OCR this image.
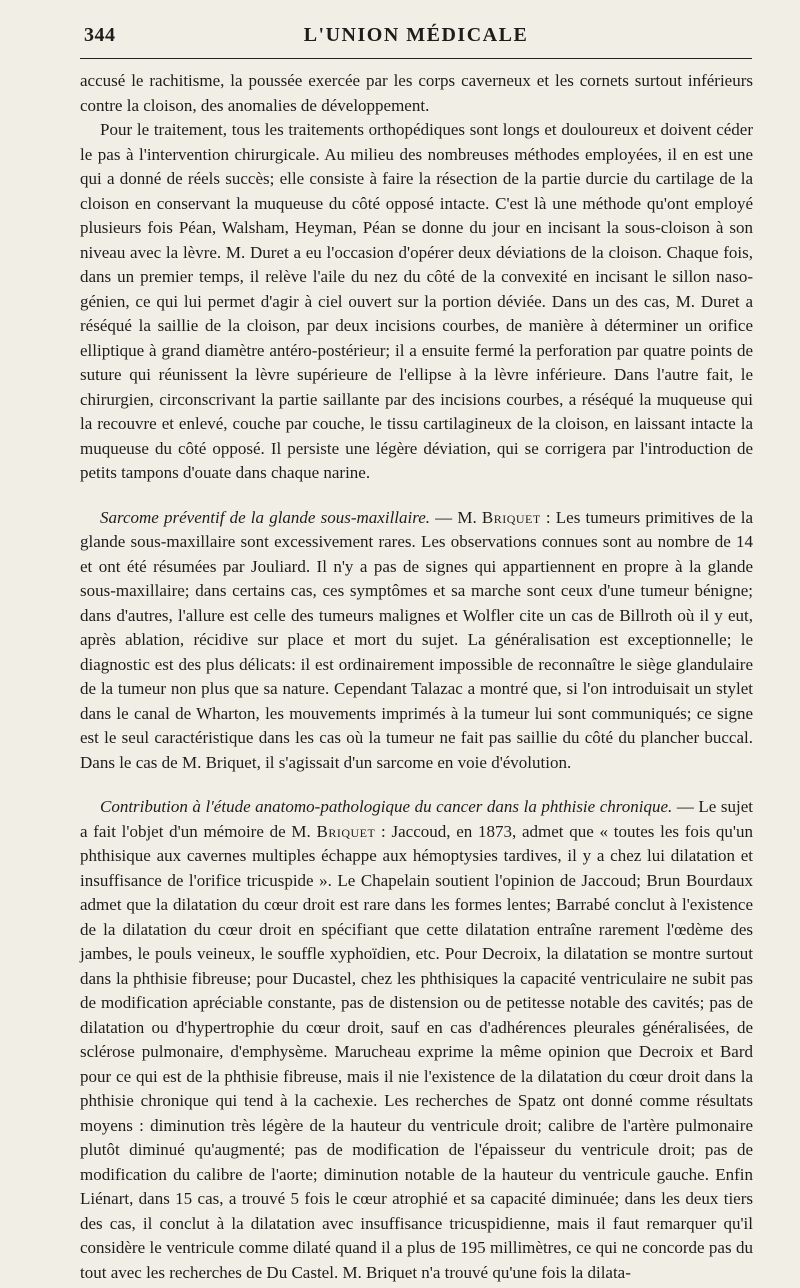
344	L'UNION MÉDICALE

accusé le rachitisme, la poussée exercée par les corps caverneux et les cornets surtout inférieurs contre la cloison, des anomalies de développement.

Pour le traitement, tous les traitements orthopédiques sont longs et douloureux et doivent céder le pas à l'intervention chirurgicale. Au milieu des nombreuses méthodes employées, il en est une qui a donné de réels succès; elle consiste à faire la résection de la partie durcie du cartilage de la cloison en conservant la muqueuse du côté opposé intacte. C'est là une méthode qu'ont employé plusieurs fois Péan, Walsham, Heyman, Péan se donne du jour en incisant la sous-cloison à son niveau avec la lèvre. M. Duret a eu l'occasion d'opérer deux déviations de la cloison. Chaque fois, dans un premier temps, il relève l'aile du nez du côté de la convexité en incisant le sillon naso-génien, ce qui lui permet d'agir à ciel ouvert sur la portion déviée. Dans un des cas, M. Duret a réséqué la saillie de la cloison, par deux incisions courbes, de manière à déterminer un orifice elliptique à grand diamètre antéro-postérieur; il a ensuite fermé la perforation par quatre points de suture qui réunissent la lèvre supérieure de l'ellipse à la lèvre inférieure. Dans l'autre fait, le chirurgien, circonscrivant la partie saillante par des incisions courbes, a réséqué la muqueuse qui la recouvre et enlevé, couche par couche, le tissu cartilagineux de la cloison, en laissant intacte la muqueuse du côté opposé. Il persiste une légère déviation, qui se corrigera par l'introduction de petits tampons d'ouate dans chaque narine.

Sarcome préventif de la glande sous-maxillaire. — M. Briquet : Les tumeurs primitives de la glande sous-maxillaire sont excessivement rares. Les observations connues sont au nombre de 14 et ont été résumées par Jouliard. Il n'y a pas de signes qui appartiennent en propre à la glande sous-maxillaire; dans certains cas, ces symptômes et sa marche sont ceux d'une tumeur bénigne; dans d'autres, l'allure est celle des tumeurs malignes et Wolfler cite un cas de Billroth où il y eut, après ablation, récidive sur place et mort du sujet. La généralisation est exceptionnelle; le diagnostic est des plus délicats: il est ordinairement impossible de reconnaître le siège glandulaire de la tumeur non plus que sa nature. Cependant Talazac a montré que, si l'on introduisait un stylet dans le canal de Wharton, les mouvements imprimés à la tumeur lui sont communiqués; ce signe est le seul caractéristique dans les cas où la tumeur ne fait pas saillie du côté du plancher buccal. Dans le cas de M. Briquet, il s'agissait d'un sarcome en voie d'évolution.

Contribution à l'étude anatomo-pathologique du cancer dans la phthisie chronique. — Le sujet a fait l'objet d'un mémoire de M. Briquet : Jaccoud, en 1873, admet que « toutes les fois qu'un phthisique aux cavernes multiples échappe aux hémoptysies tardives, il y a chez lui dilatation et insuffisance de l'orifice tricuspide ». Le Chapelain soutient l'opinion de Jaccoud; Brun Bourdaux admet que la dilatation du cœur droit est rare dans les formes lentes; Barrabé conclut à l'existence de la dilatation du cœur droit en spécifiant que cette dilatation entraîne rarement l'œdème des jambes, le pouls veineux, le souffle xyphoïdien, etc. Pour Decroix, la dilatation se montre surtout dans la phthisie fibreuse; pour Ducastel, chez les phthisiques la capacité ventriculaire ne subit pas de modification apréciable constante, pas de distension ou de petitesse notable des cavités; pas de dilatation ou d'hypertrophie du cœur droit, sauf en cas d'adhérences pleurales généralisées, de sclérose pulmonaire, d'emphysème. Marucheau exprime la même opinion que Decroix et Bard pour ce qui est de la phthisie fibreuse, mais il nie l'existence de la dilatation du cœur droit dans la phthisie chronique qui tend à la cachexie. Les recherches de Spatz ont donné comme résultats moyens : diminution très légère de la hauteur du ventricule droit; calibre de l'artère pulmonaire plutôt diminué qu'augmenté; pas de modification de l'épaisseur du ventricule droit; pas de modification du calibre de l'aorte; diminution notable de la hauteur du ventricule gauche. Enfin Liénart, dans 15 cas, a trouvé 5 fois le cœur atrophié et sa capacité diminuée; dans les deux tiers des cas, il conclut à la dilatation avec insuffisance tricuspidienne, mais il faut remarquer qu'il considère le ventricule comme dilaté quand il a plus de 195 millimètres, ce qui ne concorde pas du tout avec les recherches de Du Castel. M. Briquet n'a trouvé qu'une fois la dilata-
